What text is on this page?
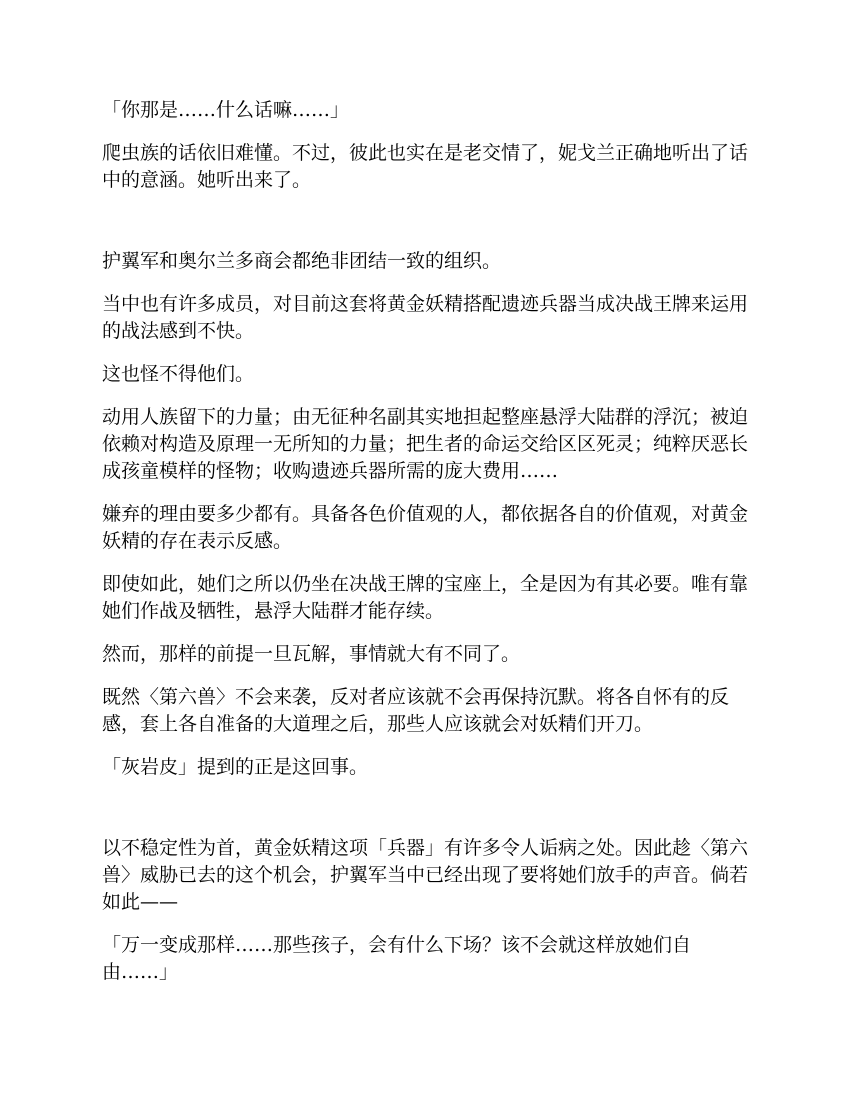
「你那是……什么话嘛……」

爬虫族的话依旧难懂。不过，彼此也实在是老交情了，妮戈兰正确地听出了话中的意涵。她听出来了。

护翼军和奥尔兰多商会都绝非团结一致的组织。

当中也有许多成员，对目前这套将黄金妖精搭配遗迹兵器当成决战王牌来运用的战法感到不快。

这也怪不得他们。

动用人族留下的力量；由无征种名副其实地担起整座悬浮大陆群的浮沉；被迫依赖对构造及原理一无所知的力量；把生者的命运交给区区死灵；纯粹厌恶长成孩童模样的怪物；收购遗迹兵器所需的庞大费用……

嫌弃的理由要多少都有。具备各色价值观的人，都依据各自的价值观，对黄金妖精的存在表示反感。

即使如此，她们之所以仍坐在决战王牌的宝座上，全是因为有其必要。唯有靠她们作战及牺牲，悬浮大陆群才能存续。

然而，那样的前提一旦瓦解，事情就大有不同了。

既然〈第六兽〉不会来袭，反对者应该就不会再保持沉默。将各自怀有的反感，套上各自准备的大道理之后，那些人应该就会对妖精们开刀。

「灰岩皮」提到的正是这回事。

以不稳定性为首，黄金妖精这项「兵器」有许多令人诟病之处。因此趁〈第六兽〉威胁已去的这个机会，护翼军当中已经出现了要将她们放手的声音。倘若如此——

「万一变成那样……那些孩子，会有什么下场？该不会就这样放她们自由……」
